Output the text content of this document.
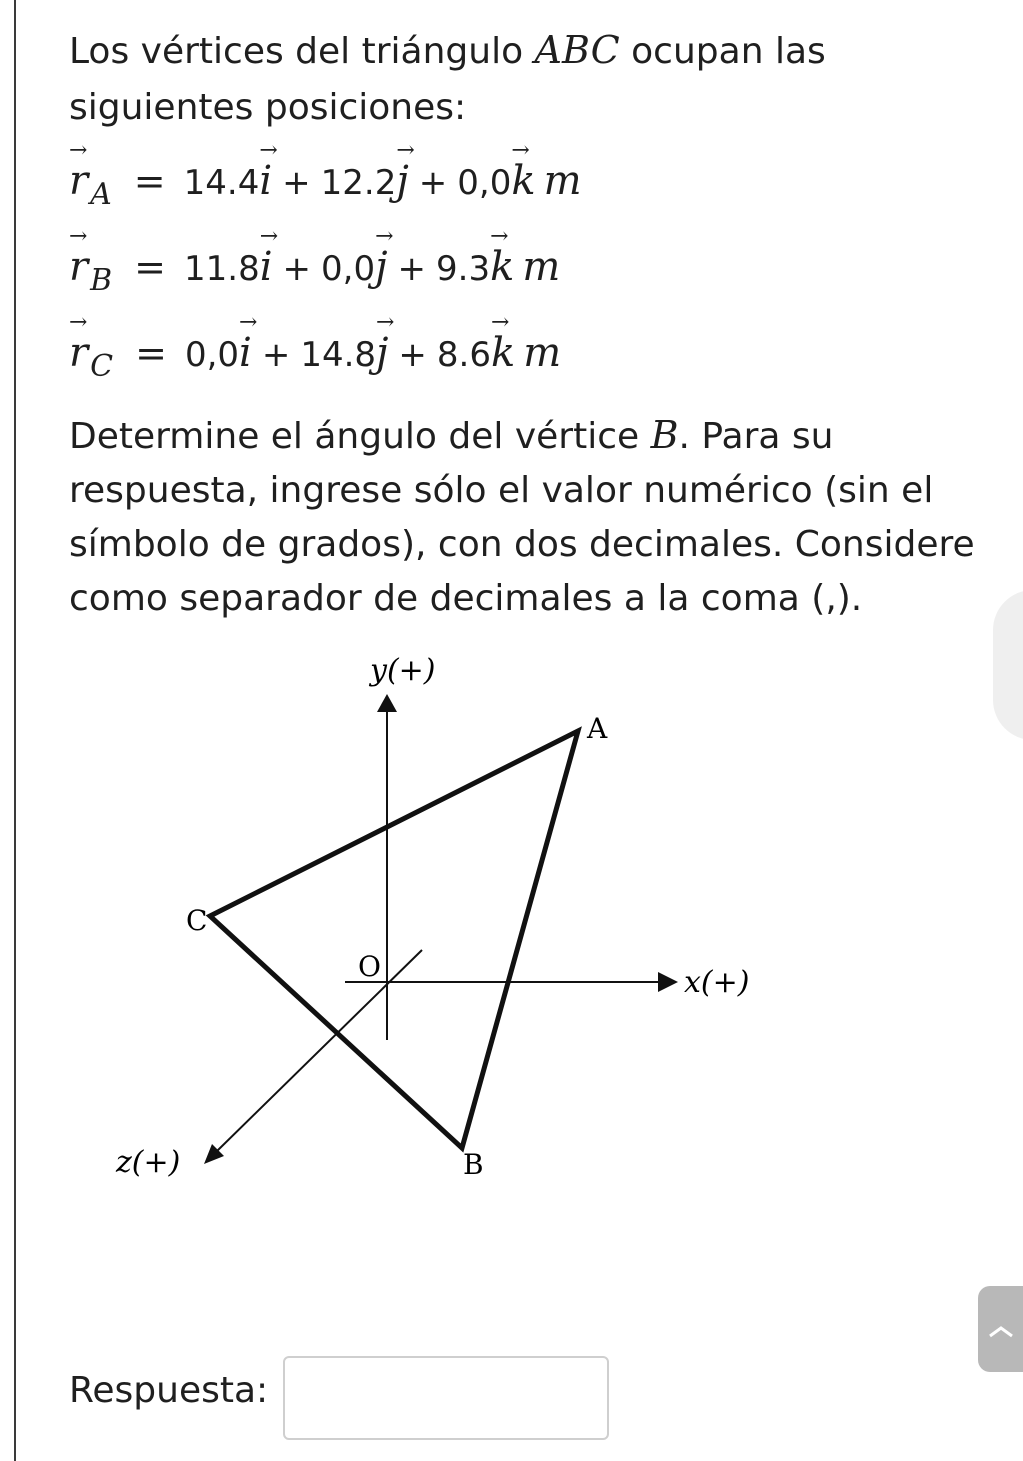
Los vértices del triángulo ABC ocupan las siguientes posiciones:

→ rA = 14.4→ i + 12.2→ j + 0,0→ k m
→ rB = 11.8→ i + 0,0→ j + 9.3→ k m
→ rC = 0,0→ i + 14.8→ j + 8.6→ k m

Determine el ángulo del vértice B. Para su respuesta, ingrese sólo el valor numérico (sin el símbolo de grados), con dos decimales. Considere como separador de decimales a la coma (,).

y(+)
x(+)
z(+)
O
A
B
C
Respuesta:
